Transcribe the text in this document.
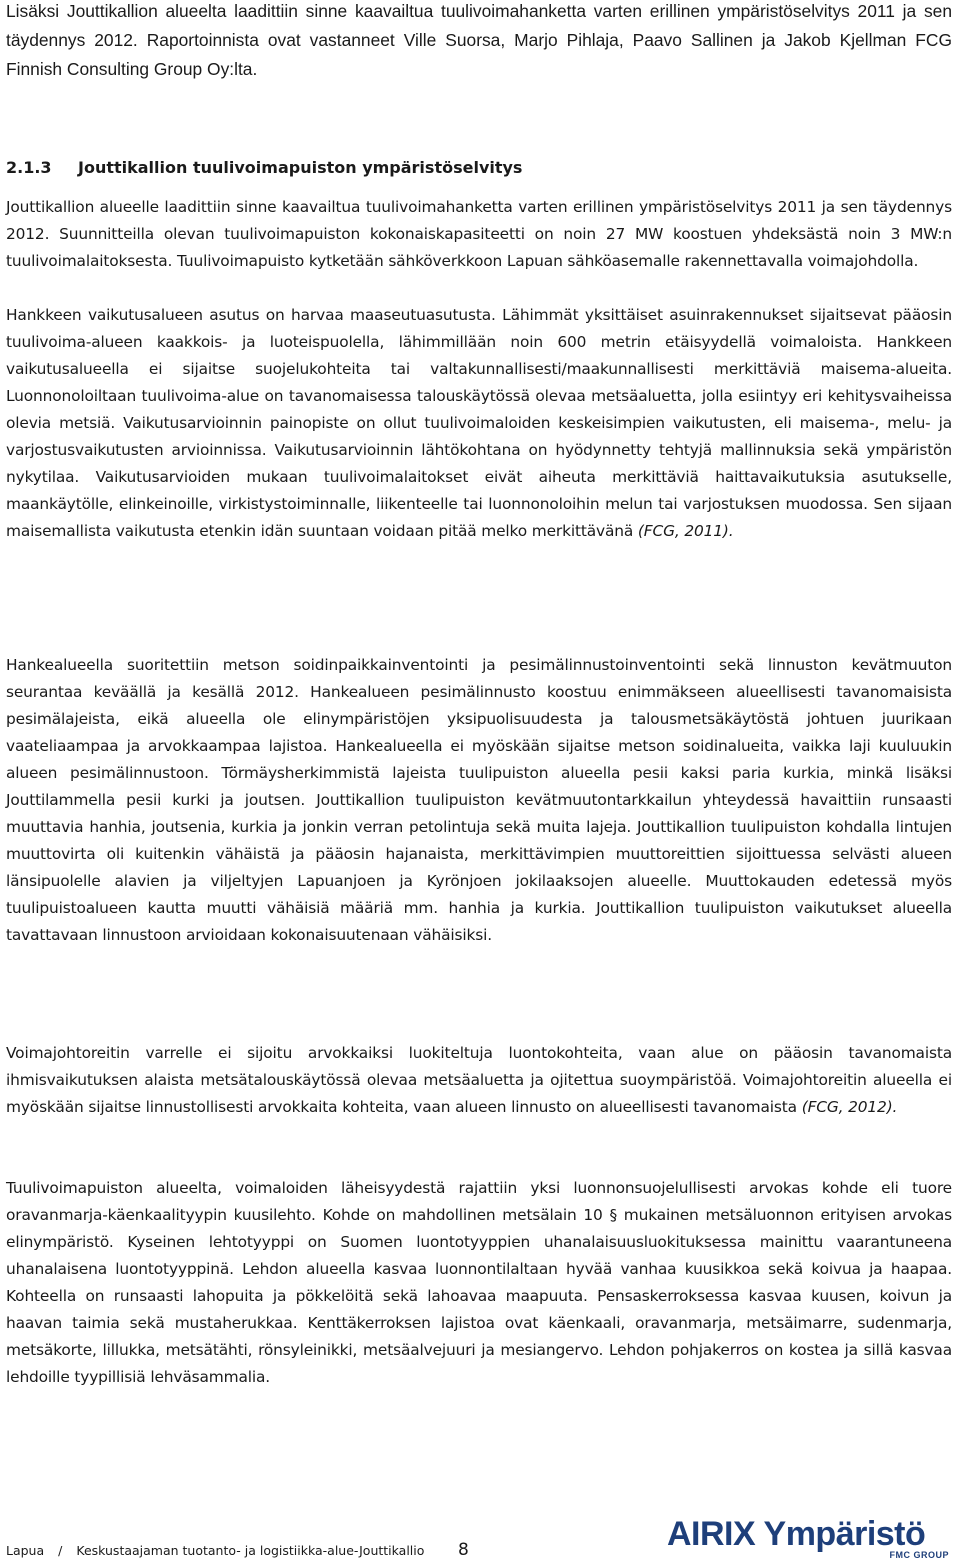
Lisäksi Jouttikallion alueelta laadittiin sinne kaavailtua tuulivoimahanketta varten erillinen ympäristöselvitys 2011 ja sen täydennys 2012. Raportoinnista ovat vastanneet Ville Suorsa, Marjo Pihlaja, Paavo Sallinen ja Jakob Kjellman FCG Finnish Consulting Group Oy:lta.

2.1.3 Jouttikallion tuulivoimapuiston ympäristöselvitys

Jouttikallion alueelle laadittiin sinne kaavailtua tuulivoimahanketta varten erillinen ympäristöselvitys 2011 ja sen täydennys 2012. Suunnitteilla olevan tuulivoimapuiston kokonaiskapasiteetti on noin 27 MW koostuen yhdeksästä noin 3 MW:n tuulivoimalaitoksesta. Tuulivoimapuisto kytketään sähköverkkoon Lapuan sähköasemalle rakennettavalla voimajohdolla.

Hankkeen vaikutusalueen asutus on harvaa maaseutuasutusta. Lähimmät yksittäiset asuinrakennukset sijaitsevat pääosin tuulivoima-alueen kaakkois- ja luoteispuolella, lähimmillään noin 600 metrin etäisyydellä voimaloista. Hankkeen vaikutusalueella ei sijaitse suojelukohteita tai valtakunnallisesti/maakunnallisesti merkittäviä maisema-alueita. Luonnonoloiltaan tuulivoima-alue on tavanomaisessa talouskäytössä olevaa metsäaluetta, jolla esiintyy eri kehitysvaiheissa olevia metsiä. Vaikutusarvioinnin painopiste on ollut tuulivoimaloiden keskeisimpien vaikutusten, eli maisema-, melu- ja varjostusvaikutusten arvioinnissa. Vaikutusarvioinnin lähtökohtana on hyödynnetty tehtyjä mallinnuksia sekä ympäristön nykytilaa. Vaikutusarvioiden mukaan tuulivoimalaitokset eivät aiheuta merkittäviä haittavaikutuksia asutukselle, maankäytölle, elinkeinoille, virkistystoiminnalle, liikenteelle tai luonnonoloihin melun tai varjostuksen muodossa. Sen sijaan maisemallista vaikutusta etenkin idän suuntaan voidaan pitää melko merkittävänä (FCG, 2011).

Hankealueella suoritettiin metson soidinpaikkainventointi ja pesimälinnustoinventointi sekä linnuston kevätmuuton seurantaa keväällä ja kesällä 2012. Hankealueen pesimälinnusto koostuu enimmäkseen alueellisesti tavanomaisista pesimälajeista, eikä alueella ole elinympäristöjen yksipuolisuudesta ja talousmetsäkäytöstä johtuen juurikaan vaateliaampaa ja arvokkaampaa lajistoa. Hankealueella ei myöskään sijaitse metson soidinalueita, vaikka laji kuuluukin alueen pesimälinnustoon. Törmäysherkimmistä lajeista tuulipuiston alueella pesii kaksi paria kurkia, minkä lisäksi Jouttilammella pesii kurki ja joutsen. Jouttikallion tuulipuiston kevätmuutontarkkailun yhteydessä havaittiin runsaasti muuttavia hanhia, joutsenia, kurkia ja jonkin verran petolintuja sekä muita lajeja. Jouttikallion tuulipuiston kohdalla lintujen muuttovirta oli kuitenkin vähäistä ja pääosin hajanaista, merkittävimpien muuttoreittien sijoittuessa selvästi alueen länsipuolelle alavien ja viljeltyjen Lapuanjoen ja Kyrönjoen jokilaaksojen alueelle. Muuttokauden edetessä myös tuulipuistoalueen kautta muutti vähäisiä määriä mm. hanhia ja kurkia. Jouttikallion tuulipuiston vaikutukset alueella tavattavaan linnustoon arvioidaan kokonaisuutenaan vähäisiksi.

Voimajohtoreitin varrelle ei sijoitu arvokkaiksi luokiteltuja luontokohteita, vaan alue on pääosin tavanomaista ihmisvaikutuksen alaista metsätalouskäytössä olevaa metsäaluetta ja ojitettua suoympäristöä. Voimajohtoreitin alueella ei myöskään sijaitse linnustollisesti arvokkaita kohteita, vaan alueen linnusto on alueellisesti tavanomaista (FCG, 2012).

Tuulivoimapuiston alueelta, voimaloiden läheisyydestä rajattiin yksi luonnonsuojelullisesti arvokas kohde eli tuore oravanmarja-käenkaalityypin kuusilehto. Kohde on mahdollinen metsälain 10 § mukainen metsäluonnon erityisen arvokas elinympäristö. Kyseinen lehtotyyppi on Suomen luontotyyppien uhanalaisuusluokituksessa mainittu vaarantuneena uhanalaisena luontotyyppinä. Lehdon alueella kasvaa luonnontilaltaan hyvää vanhaa kuusikkoa sekä koivua ja haapaa. Kohteella on runsaasti lahopuita ja pökkelöitä sekä lahoavaa maapuuta. Pensaskerroksessa kasvaa kuusen, koivun ja haavan taimia sekä mustaherukkaa. Kenttäkerroksen lajistoa ovat käenkaali, oravanmarja, metsäimarre, sudenmarja, metsäkorte, lillukka, metsätähti, rönsyleinikki, metsäalvejuuri ja mesiangervo. Lehdon pohjakerros on kostea ja sillä kasvaa lehdoille tyypillisiä lehväsammalia.

Lapua / Keskustaajaman tuotanto- ja logistiikka-alue-Jouttikallio 8	AIRIX Ympäristö
FMC GROUP
